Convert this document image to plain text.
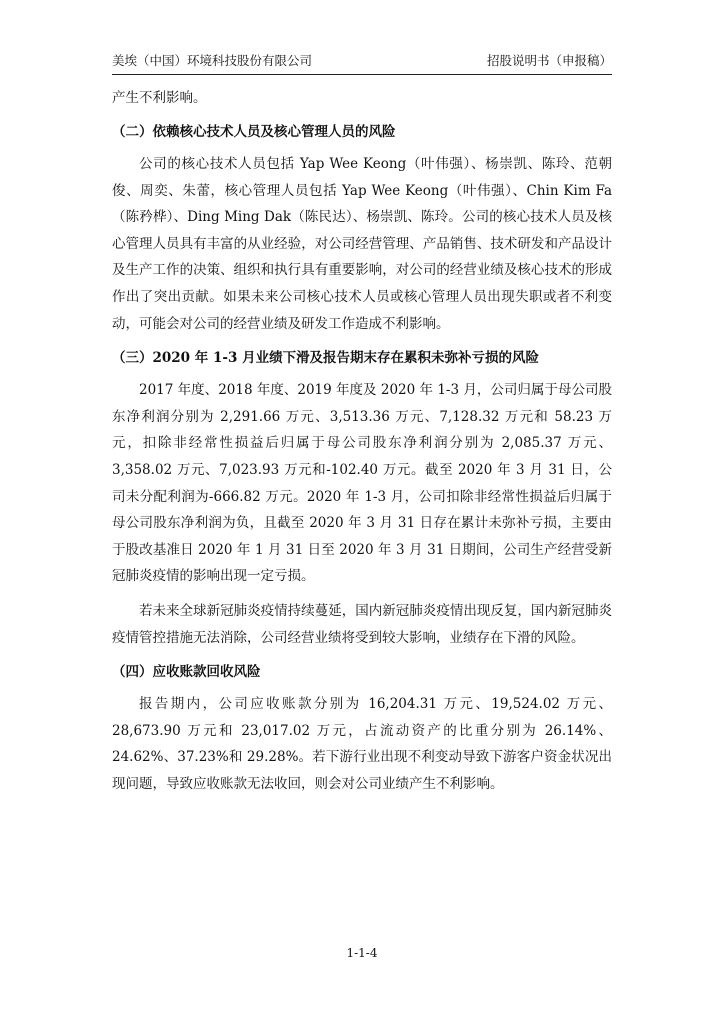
美埃（中国）环境科技股份有限公司	招股说明书（申报稿）

产生不利影响。

（二）依赖核心技术人员及核心管理人员的风险

公司的核心技术人员包括 Yap Wee Keong（叶伟强）、杨崇凯、陈玲、范朝俊、周奕、朱蕾，核心管理人员包括 Yap Wee Keong（叶伟强）、Chin Kim Fa（陈矜桦）、Ding Ming Dak（陈民达）、杨崇凯、陈玲。公司的核心技术人员及核心管理人员具有丰富的从业经验，对公司经营管理、产品销售、技术研发和产品设计及生产工作的决策、组织和执行具有重要影响，对公司的经营业绩及核心技术的形成作出了突出贡献。如果未来公司核心技术人员或核心管理人员出现失职或者不利变动，可能会对公司的经营业绩及研发工作造成不利影响。

（三）2020 年 1-3 月业绩下滑及报告期末存在累积未弥补亏损的风险

2017 年度、2018 年度、2019 年度及 2020 年 1-3 月，公司归属于母公司股东净利润分别为 2,291.66 万元、3,513.36 万元、7,128.32 万元和 58.23 万元，扣除非经常性损益后归属于母公司股东净利润分别为 2,085.37 万元、3,358.02 万元、7,023.93 万元和-102.40 万元。截至 2020 年 3 月 31 日，公司未分配利润为-666.82 万元。2020 年 1-3 月，公司扣除非经常性损益后归属于母公司股东净利润为负，且截至 2020 年 3 月 31 日存在累计未弥补亏损，主要由于股改基准日 2020 年 1 月 31 日至 2020 年 3 月 31 日期间，公司生产经营受新冠肺炎疫情的影响出现一定亏损。

若未来全球新冠肺炎疫情持续蔓延，国内新冠肺炎疫情出现反复，国内新冠肺炎疫情管控措施无法消除，公司经营业绩将受到较大影响，业绩存在下滑的风险。

（四）应收账款回收风险

报告期内，公司应收账款分别为 16,204.31 万元、19,524.02 万元、28,673.90 万元和 23,017.02 万元，占流动资产的比重分别为 26.14%、24.62%、37.23%和 29.28%。若下游行业出现不利变动导致下游客户资金状况出现问题，导致应收账款无法收回，则会对公司业绩产生不利影响。

1-1-4
